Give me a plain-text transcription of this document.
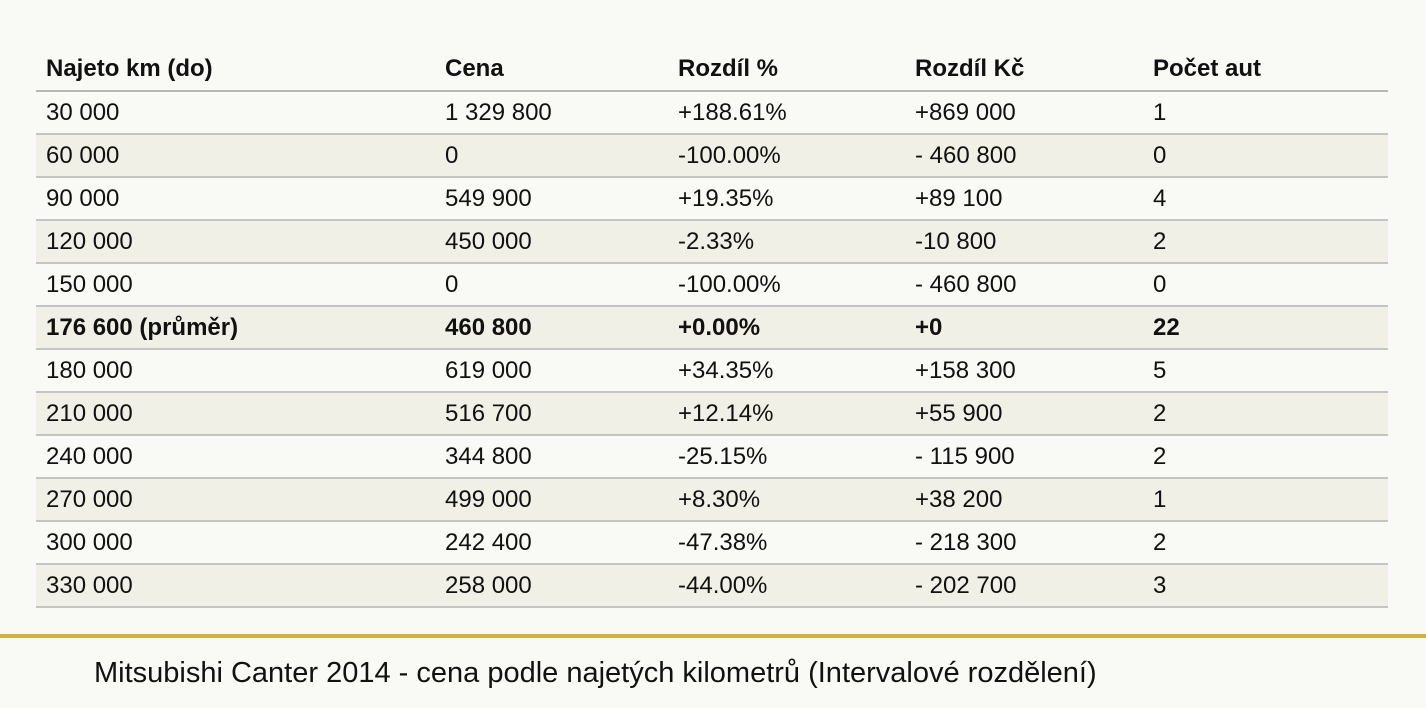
Najeto km (do)	Cena	Rozdíl %	Rozdíl Kč	Počet aut
30 000	1 329 800	+188.61%	+869 000	1
60 000	0	-100.00%	- 460 800	0
90 000	549 900	+19.35%	+89 100	4
120 000	450 000	-2.33%	-10 800	2
150 000	0	-100.00%	- 460 800	0
176 600 (průměr)	460 800	+0.00%	+0	22
180 000	619 000	+34.35%	+158 300	5
210 000	516 700	+12.14%	+55 900	2
240 000	344 800	-25.15%	- 115 900	2
270 000	499 000	+8.30%	+38 200	1
300 000	242 400	-47.38%	- 218 300	2
330 000	258 000	-44.00%	- 202 700	3
Mitsubishi Canter 2014 - cena podle najetých kilometrů (Intervalové rozdělení)
